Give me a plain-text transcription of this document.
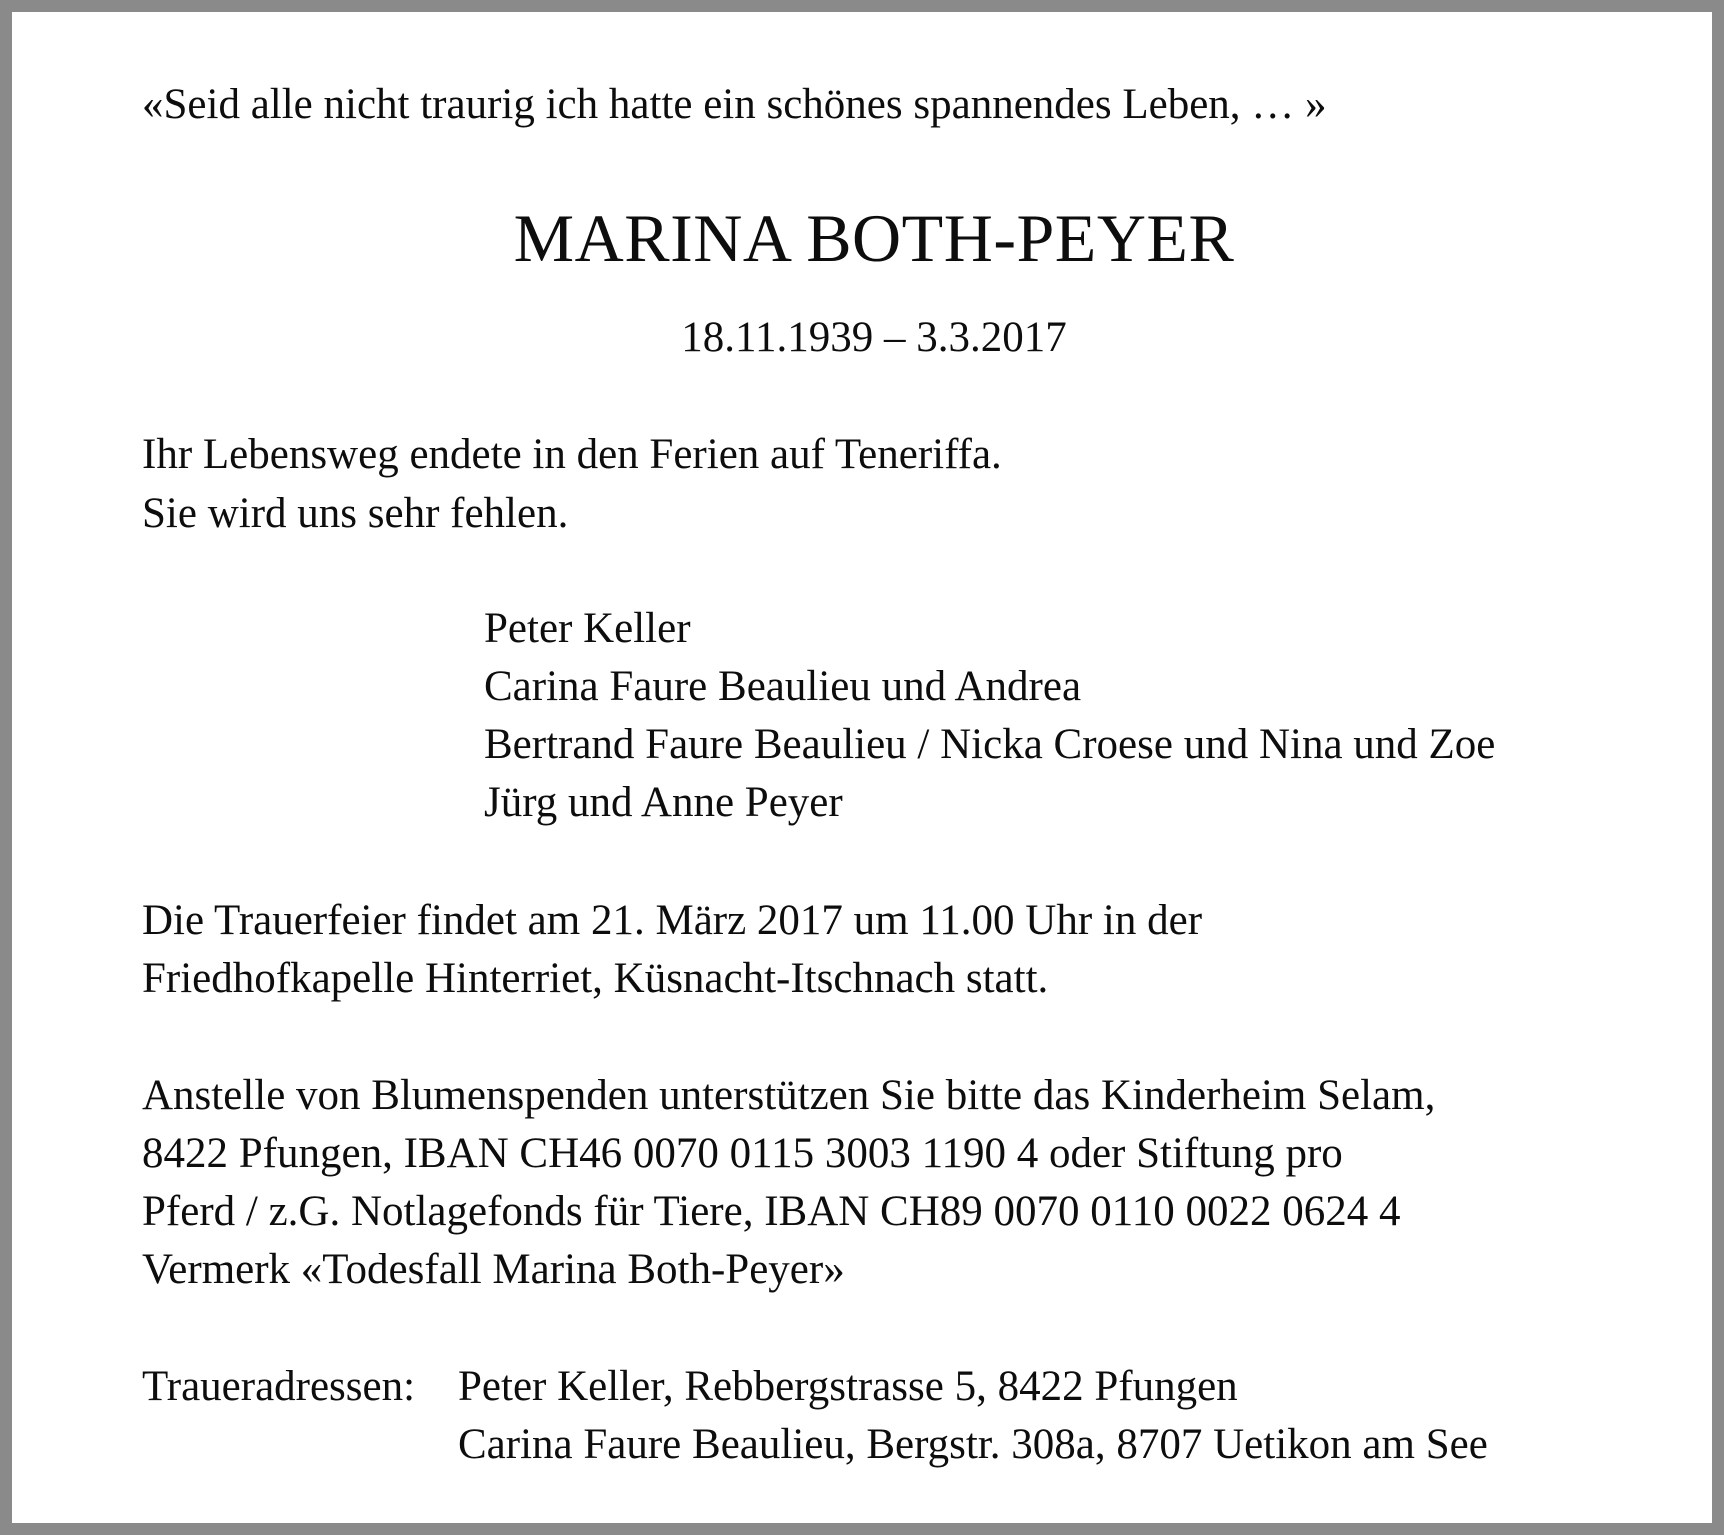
«Seid alle nicht traurig ich hatte ein schönes spannendes Leben, … »
MARINA BOTH-PEYER
18.11.1939 – 3.3.2017
Ihr Lebensweg endete in den Ferien auf Teneriffa.
Sie wird uns sehr fehlen.
Peter Keller
Carina Faure Beaulieu und Andrea
Bertrand Faure Beaulieu / Nicka Croese und Nina und Zoe
Jürg und Anne Peyer
Die Trauerfeier findet am 21. März 2017 um 11.00 Uhr in der
Friedhofkapelle Hinterriet, Küsnacht-Itschnach statt.
Anstelle von Blumenspenden unterstützen Sie bitte das Kinderheim Selam,
8422 Pfungen, IBAN CH46 0070 0115 3003 1190 4 oder Stiftung pro
Pferd / z.G. Notlagefonds für Tiere, IBAN CH89 0070 0110 0022 0624 4
Vermerk «Todesfall Marina Both-Peyer»
Traueradressen: Peter Keller, Rebbergstrasse 5, 8422 Pfungen
Carina Faure Beaulieu, Bergstr. 308a, 8707 Uetikon am See
